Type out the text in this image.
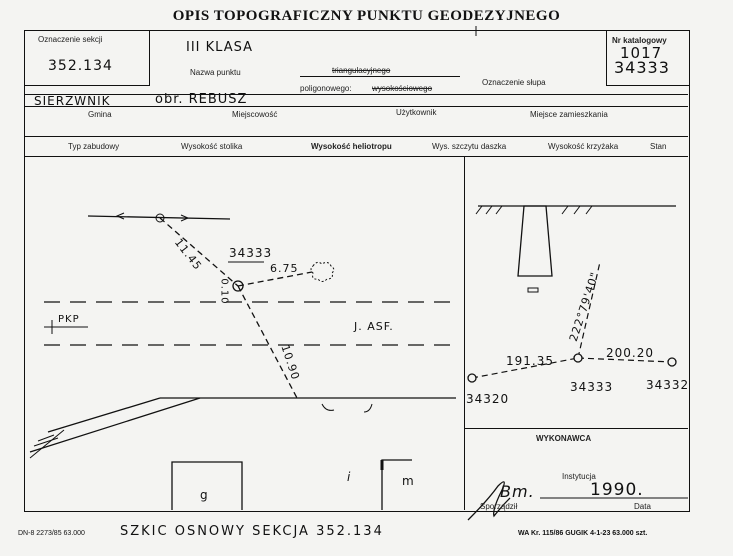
OPIS TOPOGRAFICZNY PUNKTU GEODEZYJNEGO
Oznaczenie sekcji
352.134
Nr katalogowy
1017
34333
III KLASA
Nazwa punktu	triangulacyjnego
poligonowego:	wysokościowego
Oznaczenie słupa
SIERZWNIK	obr. REBUSZ
Gmina	Miejscowość	Użytkownik	Miejsce zamieszkania
Typ zabudowy	Wysokość stolika	Wysokość heliotropu	Wys. szczytu daszka	Wysokość krzyżaka	Stan
34333
11.45	6.75
0.10
10.90
PKP
J. ASF.
g
i	m
191.35
200.20
222°79'40"
34320
34333	34332
WYKONAWCA
Instytucja
Bm.	1990.
Sporządził	Data
DN-8 2273/85 63.000	SZKIC OSNOWY SEKCJA 352.134	WA Kr. 115/86 GUGIK 4-1-23 63.000 szt.
